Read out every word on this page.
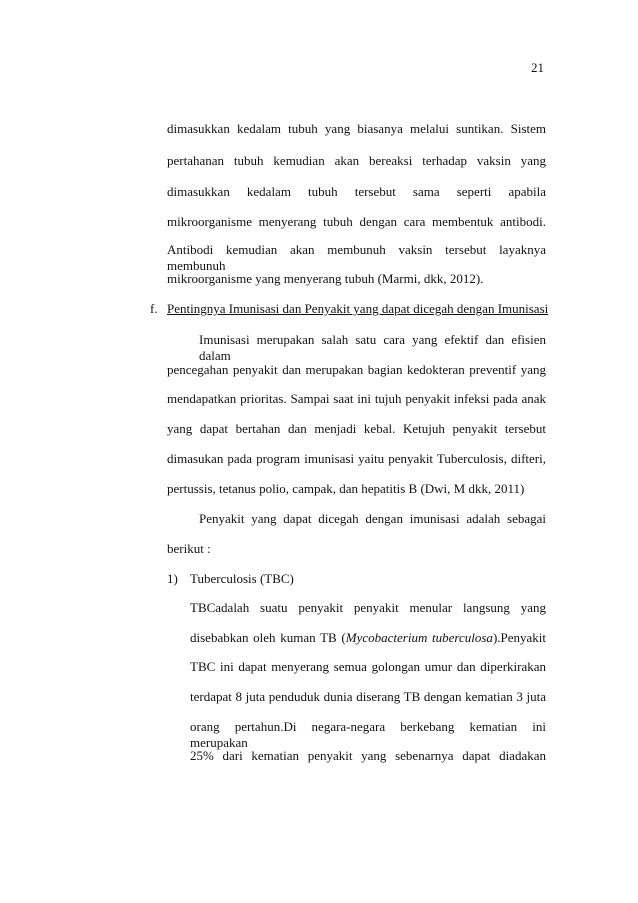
21
dimasukkan kedalam tubuh yang biasanya melalui suntikan. Sistem
pertahanan tubuh kemudian akan bereaksi terhadap vaksin yang
dimasukkan kedalam tubuh tersebut sama seperti apabila
mikroorganisme menyerang tubuh dengan cara membentuk antibodi.
Antibodi kemudian akan membunuh vaksin tersebut layaknya membunuh
mikroorganisme yang menyerang tubuh (Marmi, dkk, 2012).
f. Pentingnya Imunisasi dan Penyakit yang dapat dicegah dengan Imunisasi
Imunisasi merupakan salah satu cara yang efektif dan efisien dalam
pencegahan penyakit dan merupakan bagian kedokteran preventif yang
mendapatkan prioritas. Sampai saat ini tujuh penyakit infeksi pada anak
yang dapat bertahan dan menjadi kebal. Ketujuh penyakit tersebut
dimasukan pada program imunisasi yaitu penyakit Tuberculosis, difteri,
pertussis, tetanus polio, campak, dan hepatitis B (Dwi, M dkk, 2011)
Penyakit yang dapat dicegah dengan imunisasi adalah sebagai
berikut :
1) Tuberculosis (TBC)
TBCadalah suatu penyakit penyakit menular langsung yang
disebabkan oleh kuman TB (Mycobacterium tuberculosa).Penyakit
TBC ini dapat menyerang semua golongan umur dan diperkirakan
terdapat 8 juta penduduk dunia diserang TB dengan kematian 3 juta
orang pertahun.Di negara-negara berkebang kematian ini merupakan
25% dari kematian penyakit yang sebenarnya dapat diadakan
